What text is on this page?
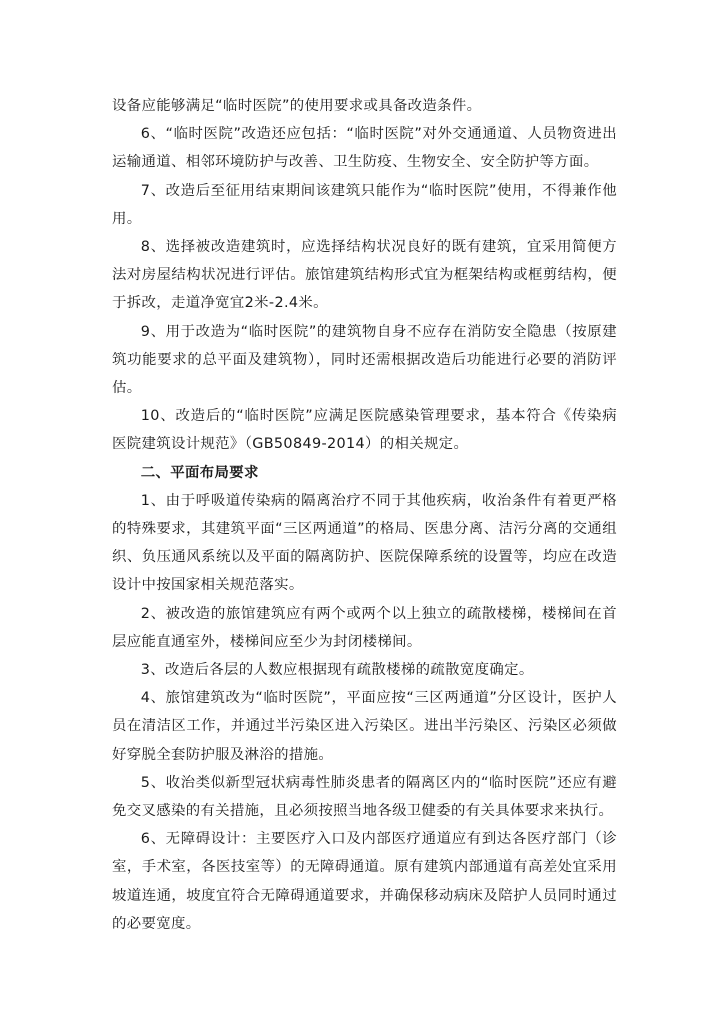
设备应能够满足“临时医院”的使用要求或具备改造条件。

6、“临时医院”改造还应包括：“临时医院”对外交通通道、人员物资进出运输通道、相邻环境防护与改善、卫生防疫、生物安全、安全防护等方面。

7、改造后至征用结束期间该建筑只能作为“临时医院”使用，不得兼作他用。

8、选择被改造建筑时，应选择结构状况良好的既有建筑，宜采用简便方法对房屋结构状况进行评估。旅馆建筑结构形式宜为框架结构或框剪结构，便于拆改，走道净宽宜2米-2.4米。

9、用于改造为“临时医院”的建筑物自身不应存在消防安全隐患（按原建筑功能要求的总平面及建筑物），同时还需根据改造后功能进行必要的消防评估。

10、改造后的“临时医院”应满足医院感染管理要求，基本符合《传染病医院建筑设计规范》（GB50849-2014）的相关规定。

二、平面布局要求

1、由于呼吸道传染病的隔离治疗不同于其他疾病，收治条件有着更严格的特殊要求，其建筑平面“三区两通道”的格局、医患分离、洁污分离的交通组织、负压通风系统以及平面的隔离防护、医院保障系统的设置等，均应在改造设计中按国家相关规范落实。

2、被改造的旅馆建筑应有两个或两个以上独立的疏散楼梯，楼梯间在首层应能直通室外，楼梯间应至少为封闭楼梯间。

3、改造后各层的人数应根据现有疏散楼梯的疏散宽度确定。

4、旅馆建筑改为“临时医院”，平面应按“三区两通道”分区设计，医护人员在清洁区工作，并通过半污染区进入污染区。进出半污染区、污染区必须做好穿脱全套防护服及淋浴的措施。

5、收治类似新型冠状病毒性肺炎患者的隔离区内的“临时医院”还应有避免交叉感染的有关措施，且必须按照当地各级卫健委的有关具体要求来执行。

6、无障碍设计：主要医疗入口及内部医疗通道应有到达各医疗部门（诊室，手术室，各医技室等）的无障碍通道。原有建筑内部通道有高差处宜采用坡道连通，坡度宜符合无障碍通道要求，并确保移动病床及陪护人员同时通过的必要宽度。
